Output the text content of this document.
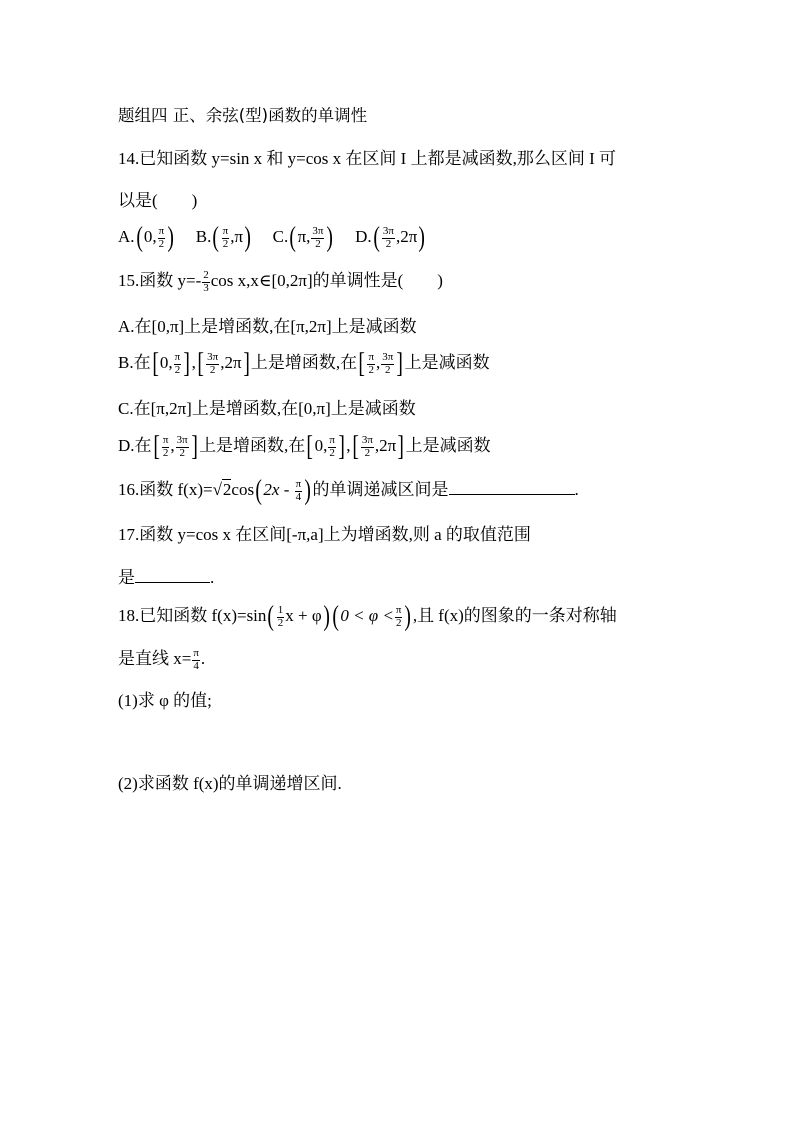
题组四 正、余弦(型)函数的单调性
14.已知函数 y=sin x 和 y=cos x 在区间 I 上都是减函数,那么区间 I 可
以是(　　)
A.(0, $\frac{\pi}{2}$ ) $B.( \frac{\pi}{2} ,\pi)$ C.(π, $\frac{3\pi}{2}$ ) $D.( \frac{3\pi}{2} ,2\pi)$
15.函数 $y=- \frac{2}{3}$ cos x,x∈[0,2π]的单调性是(　　)
A.在[0,π]上是增函数,在[π,2π]上是减函数
B.在[0, $\frac{\pi}{2}$ ],[ $\frac{3\pi}{2} ,2\pi$]上是增函数,在[ $\frac{\pi}{2}$ , $\frac{3\pi}{2}$ ]上是减函数
C.在[π,2π]上是增函数,在[0,π]上是减函数
D.在[ $\frac{\pi}{2}$ , $\frac{3\pi}{2}$ ]上是增函数,在[0, $\frac{\pi}{2}$ ],[ $\frac{3\pi}{2} ,2\pi$]上是减函数
16.函数 $f(x)=√2\cos(2x - \frac{\pi}{4}$ )的单调递减区间是	.
17.函数 y=cos x 在区间[-π,a]上为增函数,则 a 的取值范围
是	.
18.已知函数 $f(x)=\sin( \frac{1}{2}$ $x + \varphi)(0 < \varphi < \frac{\pi}{2}$ ),且 f(x)的图象的一条对称轴
是直线 $x= \frac{\pi}{4}$ .
(1)求 φ 的值;
(2)求函数 f(x)的单调递增区间.
